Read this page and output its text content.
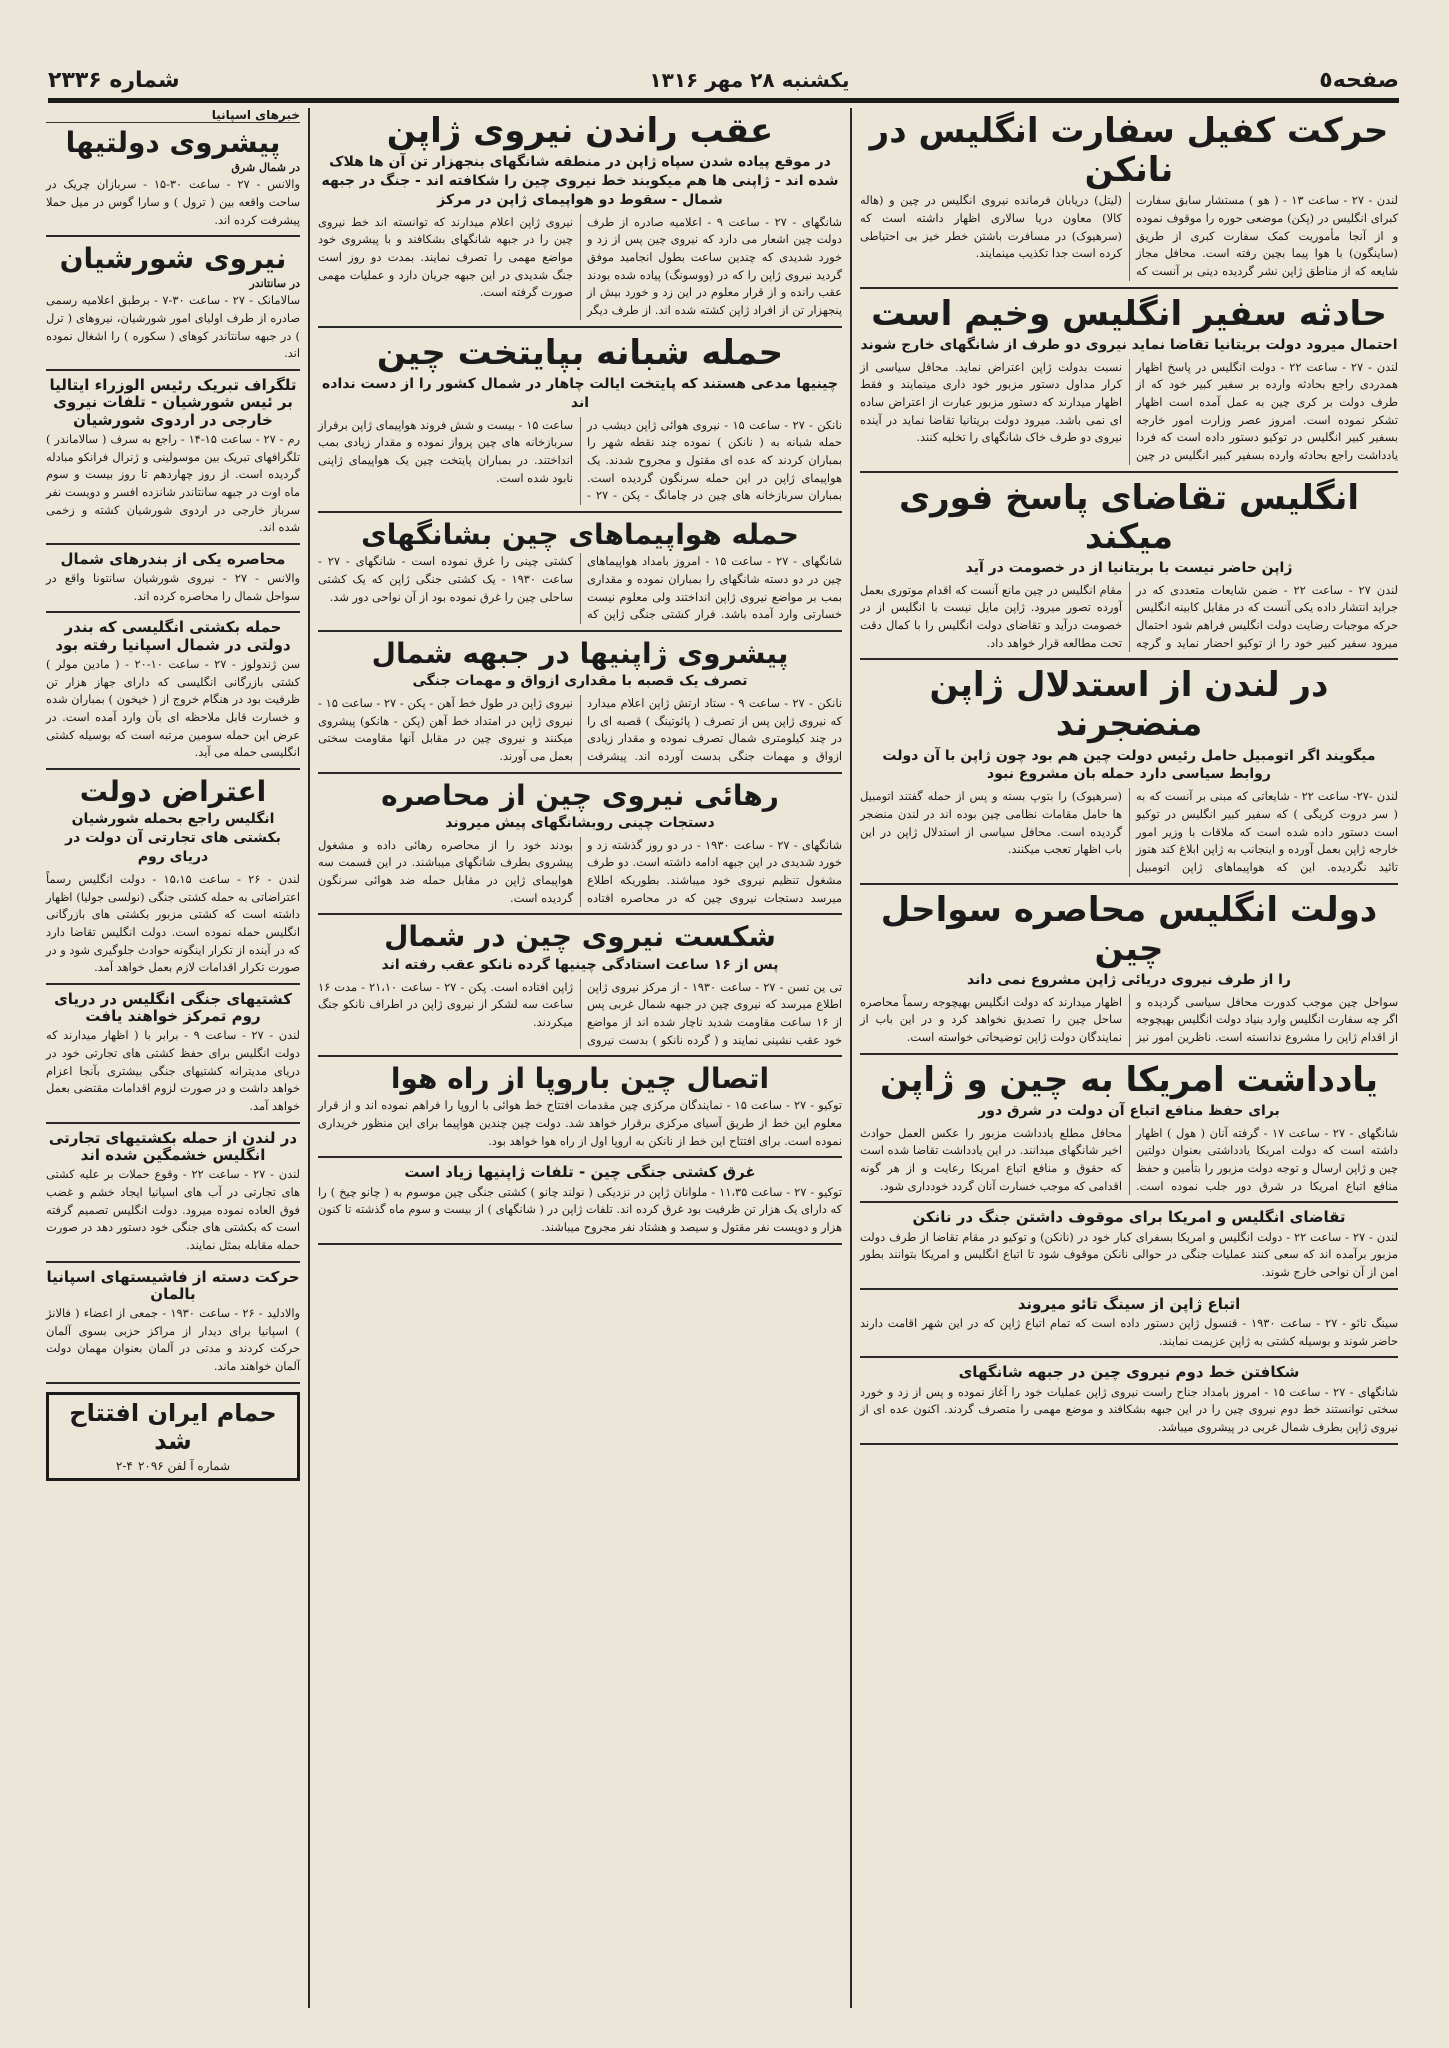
صفحه٥
یکشنبه ۲۸ مهر ۱۳۱۶
شماره ۲۳۳۶
حرکت کفیل سفارت انگلیس در نانکن

لندن - ۲۷ - ساعت ۱۳ - ( هو ) مستشار سابق سفارت کبرای انگلیس در (پکن) موضعی حوره را موقوف نموده و از آنجا مأموریت کمک سفارت کبری از طریق (ساینگون) با هوا پیما بچین رفته است. محافل مجاز شایعه که از مناطق ژاپن نشر گردیده دینی بر آنست که (لیتل) دریابان فرمانده نیروی انگلیس در چین و (هاله کالا) معاون دریا سالاری اظهار داشته است که (سرهیوک) در مسافرت باشتن خطر خیز بی احتیاطی کرده است جدا تکذیب مینمایند.

حادثه سفیر انگلیس وخیم است
احتمال میرود دولت بریتانیا تقاضا نماید نیروی دو طرف از شانگهای خارج شوند

لندن - ۲۷ - ساعت ۲۲ - دولت انگلیس در پاسخ اظهار همدردی راجع بحادثه وارده بر سفیر کبیر خود که از طرف دولت بر کری چین به عمل آمده است اظهار تشکر نموده است. امروز عصر وزارت امور خارجه بسفیر کبیر انگلیس در توکیو دستور داده است که فردا یادداشت راجع بحادثه وارده بسفیر کبیر انگلیس در چین نسبت بدولت ژاپن اعتراض نماید. محافل سیاسی از کرار مداول دستور مزبور خود داری مینمایند و فقط اظهار میدارند که دستور مزبور عبارت از اعتراض ساده ای نمی باشد. میرود دولت بریتانیا تقاضا نماید در آینده نیروی دو طرف خاک شانگهای را تخلیه کنند.

انگلیس تقاضای پاسخ فوری میکند
ژاپن حاضر نیست با بریتانیا از در خصومت در آید

لندن ۲۷ - ساعت ۲۲ - ضمن شایعات متعددی که در جراید انتشار داده یکی آنست که در مقابل کابینه انگلیس حرکه موجبات رضایت دولت انگلیس فراهم شود احتمال میرود سفیر کبیر خود را از توکیو احضار نماید و گرچه مقام انگلیس در چین مانع آنست که اقدام موتوری بعمل آورده تصور میرود. ژاپن مایل نیست با انگلیس از در خصومت درآید و تقاضای دولت انگلیس را با کمال دقت تحت مطالعه قرار خواهد داد.

در لندن از استدلال ژاپن منضجرند
میگویند اگر اتومبیل حامل رئیس دولت چین هم بود چون ژاپن با آن دولت روابط سیاسی دارد حمله بان مشروع نبود

لندن -۲۷- ساعت ۲۲ - شایعاتی که مبنی بر آنست که به ( سر دروت کریگی ) که سفیر کبیر انگلیس در توکیو است دستور داده شده است که ملاقات با وزیر امور خارجه ژاپن بعمل آورده و اینجانب به ژاپن ابلاغ کند هنوز تائید نگردیده. این که هواپیماهای ژاپن اتومبیل (سرهیوک) را بتوپ بسته و پس از حمله گفتند اتومبیل ها حامل مقامات نظامی چین بوده اند در لندن منضجر گردیده است. محافل سیاسی از استدلال ژاپن در این باب اظهار تعجب میکنند.

دولت انگلیس محاصره سواحل چین
را از طرف نیروی دریائی ژاپن مشروع نمی داند

سواحل چین موجب کدورت محافل سیاسی گردیده و اگر چه سفارت انگلیس وارد بنیاد دولت انگلیس بهیچوجه از اقدام ژاپن را مشروع ندانسته است. ناظرین امور نیز اظهار میدارند که دولت انگلیس بهیچوجه رسماً محاصره ساحل چین را تصدیق نخواهد کرد و در این باب از نمایندگان دولت ژاپن توضیحاتی خواسته است.

یادداشت امریکا به چین و ژاپن
برای حفظ منافع اتباع آن دولت در شرق دور

شانگهای - ۲۷ - ساعت ۱۷ - گرفته آنان ( هول ) اظهار داشته است که دولت امریکا یادداشتی بعنوان دولتین چین و ژاپن ارسال و توجه دولت مزبور را بتأمین و حفظ منافع اتباع امریکا در شرق دور جلب نموده است. محافل مطلع یادداشت مزبور را عکس العمل حوادث اخیر شانگهای میدانند. در این یادداشت تقاضا شده است که حقوق و منافع اتباع امریکا رعایت و از هر گونه اقدامی که موجب خسارت آنان گردد خودداری شود.

تقاضای انگلیس و امریکا برای موقوف داشتن جنگ در نانکن

لندن - ۲۷ - ساعت ۲۲ - دولت انگلیس و امریکا بسفرای کبار خود در (نانکن) و توکیو در مقام تقاضا از طرف دولت مزبور برآمده اند که سعی کنند عملیات جنگی در حوالی نانکن موقوف شود تا اتباع انگلیس و امریکا بتوانند بطور امن از آن نواحی خارج شوند.

اتباع ژاپن از سینگ تائو میروند

سینگ تائو - ۲۷ - ساعت ۱۹۳۰ - قنسول ژاپن دستور داده است که تمام اتباع ژاپن که در این شهر اقامت دارند حاضر شوند و بوسیله کشتی به ژاپن عزیمت نمایند.

شکافتن خط دوم نیروی چین در جبهه شانگهای

شانگهای - ۲۷ - ساعت ۱۵ - امروز بامداد جناح راست نیروی ژاپن عملیات خود را آغاز نموده و پس از زد و خورد سختی توانستند خط دوم نیروی چین را در این جبهه بشکافند و موضع مهمی را متصرف گردند. اکنون عده ای از نیروی ژاپن بطرف شمال غربی در پیشروی میباشد.

عقب راندن نیروی ژاپن
در موقع پیاده شدن سپاه ژاپن در منطقه شانگهای بنجهزار تن آن ها هلاک شده اند - ژاپنی ها هم میکوبند خط نیروی چین را شکافته اند - جنگ در جبهه شمال - سقوط دو هواپیمای ژاپن در مرکز

شانگهای - ۲۷ - ساعت ۹ - اعلامیه صادره از طرف دولت چین اشعار می دارد که نیروی چین پس از زد و خورد شدیدی که چندین ساعت بطول انجامید موفق گردید نیروی ژاپن را که در (ووسونگ) پیاده شده بودند عقب رانده و از قرار معلوم در این زد و خورد بیش از پنجهزار تن از افراد ژاپن کشته شده اند. از طرف دیگر نیروی ژاپن اعلام میدارند که توانسته اند خط نیروی چین را در جبهه شانگهای بشکافند و با پیشروی خود مواضع مهمی را تصرف نمایند. بمدت دو روز است جنگ شدیدی در این جبهه جریان دارد و عملیات مهمی صورت گرفته است.

حمله شبانه بپایتخت چین
چینیها مدعی هستند که پایتخت ایالت چاهار در شمال کشور را از دست نداده اند

نانکن - ۲۷ - ساعت ۱۵ - نیروی هوائی ژاپن دیشب در حمله شبانه به ( نانکن ) نموده چند نقطه شهر را بمباران کردند که عده ای مقتول و مجروح شدند. یک هواپیمای ژاپن در این حمله سرنگون گردیده است. بمباران سربازخانه های چین در چامانگ - پکن - ۲۷ - ساعت ۱۵ - بیست و شش فروند هواپیمای ژاپن برفراز سربازخانه های چین پرواز نموده و مقدار زیادی بمب انداختند. در بمباران پایتخت چین یک هواپیمای ژاپنی نابود شده است.

حمله هواپیماهای چین بشانگهای

شانگهای - ۲۷ - ساعت ۱۵ - امروز بامداد هواپیماهای چین در دو دسته شانگهای را بمباران نموده و مقداری بمب بر مواضع نیروی ژاپن انداختند ولی معلوم نیست خسارتی وارد آمده باشد. فرار کشتی جنگی ژاپن که کشتی چینی را غرق نموده است - شانگهای - ۲۷ - ساعت ۱۹۳۰ - یک کشتی جنگی ژاپن که یک کشتی ساحلی چین را غرق نموده بود از آن نواحی دور شد.

پیشروی ژاپنیها در جبهه شمال
تصرف یک قصبه با مقداری ازواق و مهمات جنگی

نانکن - ۲۷ - ساعت ۹ - ستاد ارتش ژاپن اعلام میدارد که نیروی ژاپن پس از تصرف ( پائوتینگ ) قصبه ای را در چند کیلومتری شمال تصرف نموده و مقدار زیادی ازواق و مهمات جنگی بدست آورده اند. پیشرفت نیروی ژاپن در طول خط آهن - پکن - ۲۷ - ساعت ۱۵ - نیروی ژاپن در امتداد خط آهن (پکن - هانکو) پیشروی میکنند و نیروی چین در مقابل آنها مقاومت سختی بعمل می آورند.

رهائی نیروی چین از محاصره
دستجات چینی روبشانگهای پیش میروند

شانگهای - ۲۷ - ساعت ۱۹۳۰ - در دو روز گذشته زد و خورد شدیدی در این جبهه ادامه داشته است. دو طرف مشغول تنظیم نیروی خود میباشند. بطوریکه اطلاع میرسد دستجات نیروی چین که در محاصره افتاده بودند خود را از محاصره رهائی داده و مشغول پیشروی بطرف شانگهای میباشند. در این قسمت سه هواپیمای ژاپن در مقابل حمله ضد هوائی سرنگون گردیده است.

شکست نیروی چین در شمال
پس از ۱۶ ساعت استادگی چینیها گرده نانکو عقب رفته اند

تی ین تسن - ۲۷ - ساعت ۱۹۳۰ - از مرکز نیروی ژاپن اطلاع میرسد که نیروی چین در جبهه شمال غربی پس از ۱۶ ساعت مقاومت شدید ناچار شده اند از مواضع خود عقب نشینی نمایند و ( گرده نانکو ) بدست نیروی ژاپن افتاده است. پکن - ۲۷ - ساعت ۲۱،۱۰ - مدت ۱۶ ساعت سه لشکر از نیروی ژاپن در اطراف نانکو جنگ میکردند.

اتصال چین باروپا از راه هوا

توکیو - ۲۷ - ساعت ۱۵ - نمایندگان مرکزی چین مقدمات افتتاح خط هوائی با اروپا را فراهم نموده اند و از قرار معلوم این خط از طریق آسیای مرکزی برقرار خواهد شد. دولت چین چندین هواپیما برای این منظور خریداری نموده است. برای افتتاح این خط از نانکن به اروپا اول از راه هوا خواهد بود.

غرق کشتی جنگی چین - تلفات ژاپنیها زیاد است

توکیو - ۲۷ - ساعت ۱۱،۳۵ - ملوانان ژاپن در نزدیکی ( نولند چانو ) کشتی جنگی چین موسوم به ( چانو چیخ ) را که دارای یک هزار تن ظرفیت بود غرق کرده اند. تلفات ژاپن در ( شانگهای ) از بیست و سوم ماه گذشته تا کنون هزار و دویست نفر مقتول و سیصد و هشتاد نفر مجروح میباشند.

خبرهای اسپانیا
پیشروی دولتیها
در شمال شرق

والانس - ۲۷ - ساعت ۳۰-۱۵ - سربازان چریک در ساحت واقعه بین ( ترول ) و سارا گوس در میل حملا پیشرفت کرده اند.

نیروی شورشیان
در سانتاندر

سالامانک - ۲۷ - ساعت ۳۰-۷ - برطبق اعلامیه رسمی صادره از طرف اولیای امور شورشیان، نیروهای ( ترل ) در جبهه سانتاندر کوهای ( سکوره ) را اشغال نموده اند.

تلگراف تبریک رئیس الوزراء ایتالیا بر ئیس شورشیان - تلفات نیروی خارجی در اردوی شورشیان

رم - ۲۷ - ساعت ۱۵-۱۴ - راجع به سرف ( سالاماندر ) تلگرافهای تبریک بین موسولینی و ژنرال فرانکو مبادله گردیده است. از روز چهاردهم تا روز بیست و سوم ماه اوت در جبهه سانتاندر شانزده افسر و دویست نفر سرباز خارجی در اردوی شورشیان کشته و زخمی شده اند.

محاصره یکی از بندرهای شمال

والانس - ۲۷ - نیروی شورشیان سانتونا واقع در سواحل شمال را محاصره کرده اند.

حمله بکشتی انگلیسی که بندر دولتی در شمال اسپانیا رفته بود

سن ژندولوز - ۲۷ - ساعت ۱۰-۲۰ - ( مادین مولر ) کشتی بازرگانی انگلیسی که دارای جهاز هزار تن ظرفیت بود در هنگام خروج از ( خیخون ) بمباران شده و خسارت قابل ملاحظه ای بآن وارد آمده است. در عرض این حمله سومین مرتبه است که بوسیله کشتی انگلیسی حمله می آید.

اعتراض دولت
انگلیس راجع بحمله شورشیان بکشتی های تجارتی آن دولت در دریای روم

لندن - ۲۶ - ساعت ۱۵،۱۵ - دولت انگلیس رسماً اعتراضاتی به حمله کشتی جنگی (نولسی جولیا) اظهار داشته است که کشتی مزبور بکشتی های بازرگانی انگلیس حمله نموده است. دولت انگلیس تقاضا دارد که در آینده از تکرار اینگونه حوادث جلوگیری شود و در صورت تکرار اقدامات لازم بعمل خواهد آمد.

کشتیهای جنگی انگلیس در دریای روم تمرکز خواهند یافت

لندن - ۲۷ - ساعت ۹ - برابر با ( اظهار میدارند که دولت انگلیس برای حفظ کشتی های تجارتی خود در دریای مدیترانه کشتیهای جنگی بیشتری بآنجا اعزام خواهد داشت و در صورت لزوم اقدامات مقتضی بعمل خواهد آمد.

در لندن از حمله بکشتیهای تجارتی انگلیس خشمگین شده اند

لندن - ۲۷ - ساعت ۲۲ - وقوع حملات بر علیه کشتی های تجارتی در آب های اسپانیا ایجاد خشم و غضب فوق العاده نموده میرود. دولت انگلیس تصمیم گرفته است که بکشتی های جنگی خود دستور دهد در صورت حمله مقابله بمثل نمایند.

حرکت دسته از فاشیستهای اسپانیا بالمان

والادلید - ۲۶ - ساعت ۱۹۳۰ - جمعی از اعضاء ( فالانژ ) اسپانیا برای دیدار از مراکز حزبی بسوی آلمان حرکت کردند و مدتی در آلمان بعنوان مهمان دولت آلمان خواهند ماند.

حمام ایران افتتاح شد
شماره آ لفن ۲۰۹۶ ۴-۲
